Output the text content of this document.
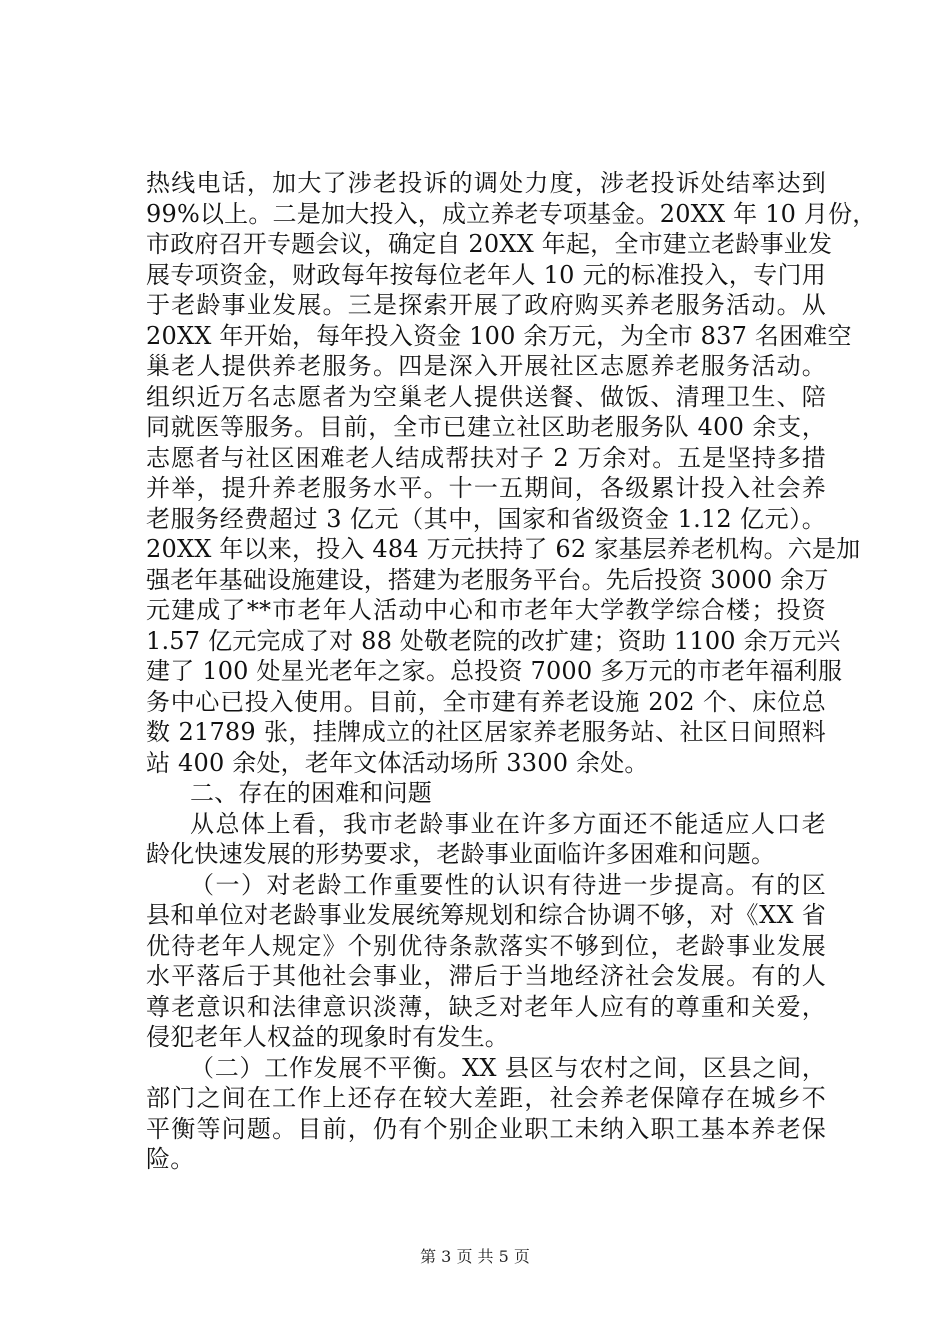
热线电话，加大了涉老投诉的调处力度，涉老投诉处结率达到
99%以上。二是加大投入，成立养老专项基金。20XX 年 10 月份，
市政府召开专题会议，确定自 20XX 年起，全市建立老龄事业发
展专项资金，财政每年按每位老年人 10 元的标准投入，专门用
于老龄事业发展。三是探索开展了政府购买养老服务活动。从
20XX 年开始，每年投入资金 100 余万元，为全市 837 名困难空
巢老人提供养老服务。四是深入开展社区志愿养老服务活动。
组织近万名志愿者为空巢老人提供送餐、做饭、清理卫生、陪
同就医等服务。目前，全市已建立社区助老服务队 400 余支，
志愿者与社区困难老人结成帮扶对子 2 万余对。五是坚持多措
并举，提升养老服务水平。十一五期间，各级累计投入社会养
老服务经费超过 3 亿元（其中，国家和省级资金 1.12 亿元）。
20XX 年以来，投入 484 万元扶持了 62 家基层养老机构。六是加
强老年基础设施建设，搭建为老服务平台。先后投资 3000 余万
元建成了**市老年人活动中心和市老年大学教学综合楼；投资
1.57 亿元完成了对 88 处敬老院的改扩建；资助 1100 余万元兴
建了 100 处星光老年之家。总投资 7000 多万元的市老年福利服
务中心已投入使用。目前，全市建有养老设施 202 个、床位总
数 21789 张，挂牌成立的社区居家养老服务站、社区日间照料
站 400 余处，老年文体活动场所 3300 余处。
二、存在的困难和问题
从总体上看，我市老龄事业在许多方面还不能适应人口老
龄化快速发展的形势要求，老龄事业面临许多困难和问题。
（一）对老龄工作重要性的认识有待进一步提高。有的区
县和单位对老龄事业发展统筹规划和综合协调不够，对《XX 省
优待老年人规定》个别优待条款落实不够到位，老龄事业发展
水平落后于其他社会事业，滞后于当地经济社会发展。有的人
尊老意识和法律意识淡薄，缺乏对老年人应有的尊重和关爱，
侵犯老年人权益的现象时有发生。
（二）工作发展不平衡。XX 县区与农村之间，区县之间，
部门之间在工作上还存在较大差距，社会养老保障存在城乡不
平衡等问题。目前，仍有个别企业职工未纳入职工基本养老保
险。
第 3 页 共 5 页
